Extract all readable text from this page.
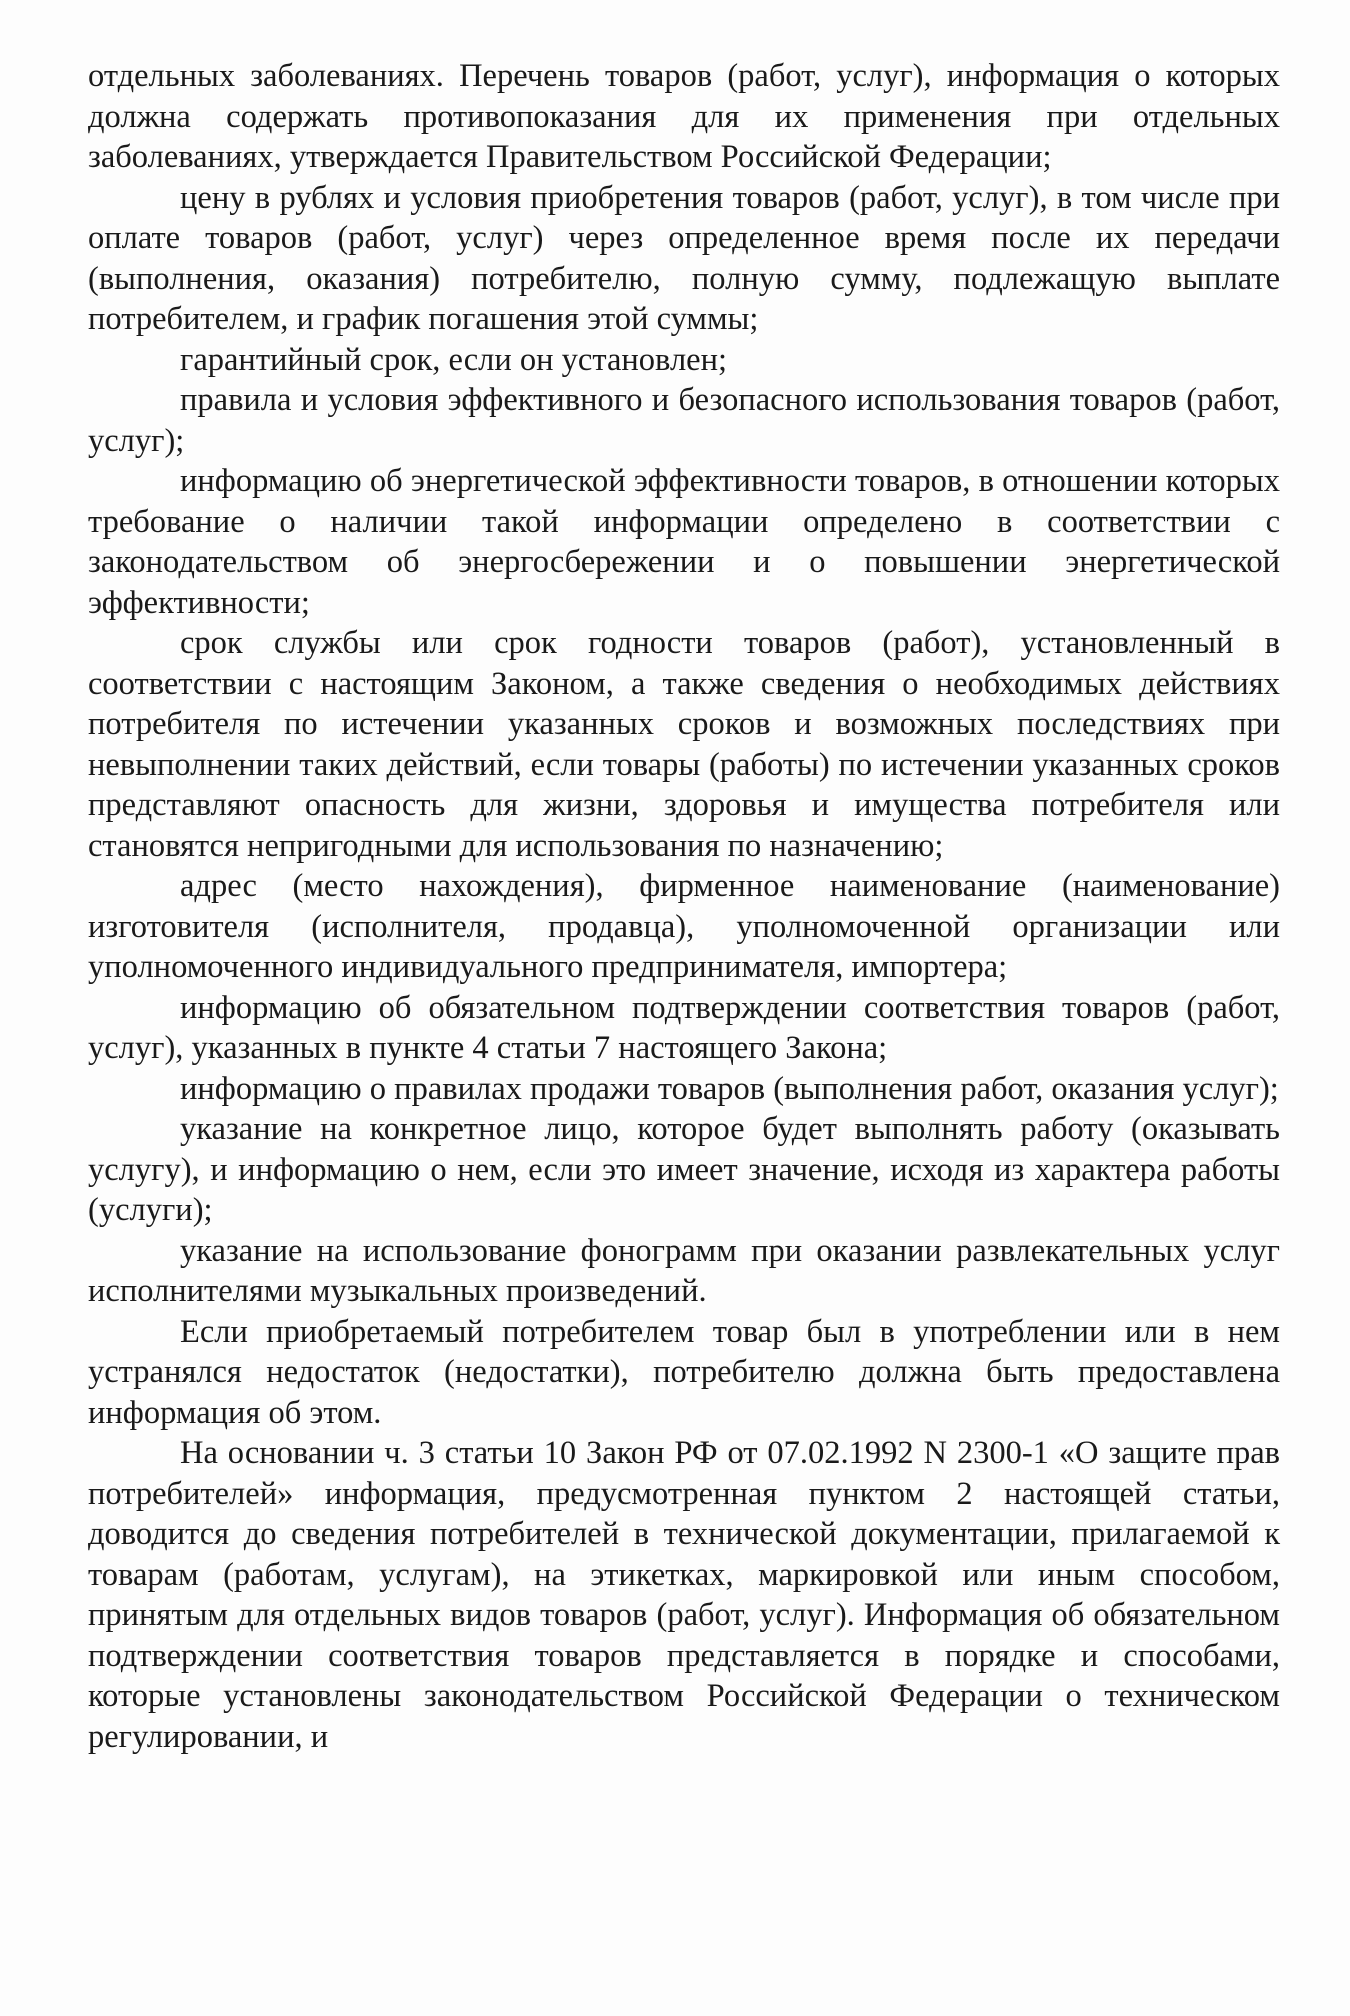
отдельных заболеваниях. Перечень товаров (работ, услуг), информация о которых должна содержать противопоказания для их применения при отдельных заболеваниях, утверждается Правительством Российской Федерации;

цену в рублях и условия приобретения товаров (работ, услуг), в том числе при оплате товаров (работ, услуг) через определенное время после их передачи (выполнения, оказания) потребителю, полную сумму, подлежащую выплате потребителем, и график погашения этой суммы;

гарантийный срок, если он установлен;

правила и условия эффективного и безопасного использования товаров (работ, услуг);

информацию об энергетической эффективности товаров, в отношении которых требование о наличии такой информации определено в соответствии с законодательством об энергосбережении и о повышении энергетической эффективности;

срок службы или срок годности товаров (работ), установленный в соответствии с настоящим Законом, а также сведения о необходимых действиях потребителя по истечении указанных сроков и возможных последствиях при невыполнении таких действий, если товары (работы) по истечении указанных сроков представляют опасность для жизни, здоровья и имущества потребителя или становятся непригодными для использования по назначению;

адрес (место нахождения), фирменное наименование (наименование) изготовителя (исполнителя, продавца), уполномоченной организации или уполномоченного индивидуального предпринимателя, импортера;

информацию об обязательном подтверждении соответствия товаров (работ, услуг), указанных в пункте 4 статьи 7 настоящего Закона;

информацию о правилах продажи товаров (выполнения работ, оказания услуг);

указание на конкретное лицо, которое будет выполнять работу (оказывать услугу), и информацию о нем, если это имеет значение, исходя из характера работы (услуги);

указание на использование фонограмм при оказании развлекательных услуг исполнителями музыкальных произведений.

Если приобретаемый потребителем товар был в употреблении или в нем устранялся недостаток (недостатки), потребителю должна быть предоставлена информация об этом.

На основании ч. 3 статьи 10 Закон РФ от 07.02.1992 N 2300-1 «О защите прав потребителей» информация, предусмотренная пунктом 2 настоящей статьи, доводится до сведения потребителей в технической документации, прилагаемой к товарам (работам, услугам), на этикетках, маркировкой или иным способом, принятым для отдельных видов товаров (работ, услуг). Информация об обязательном подтверждении соответствия товаров представляется в порядке и способами, которые установлены законодательством Российской Федерации о техническом регулировании, и
